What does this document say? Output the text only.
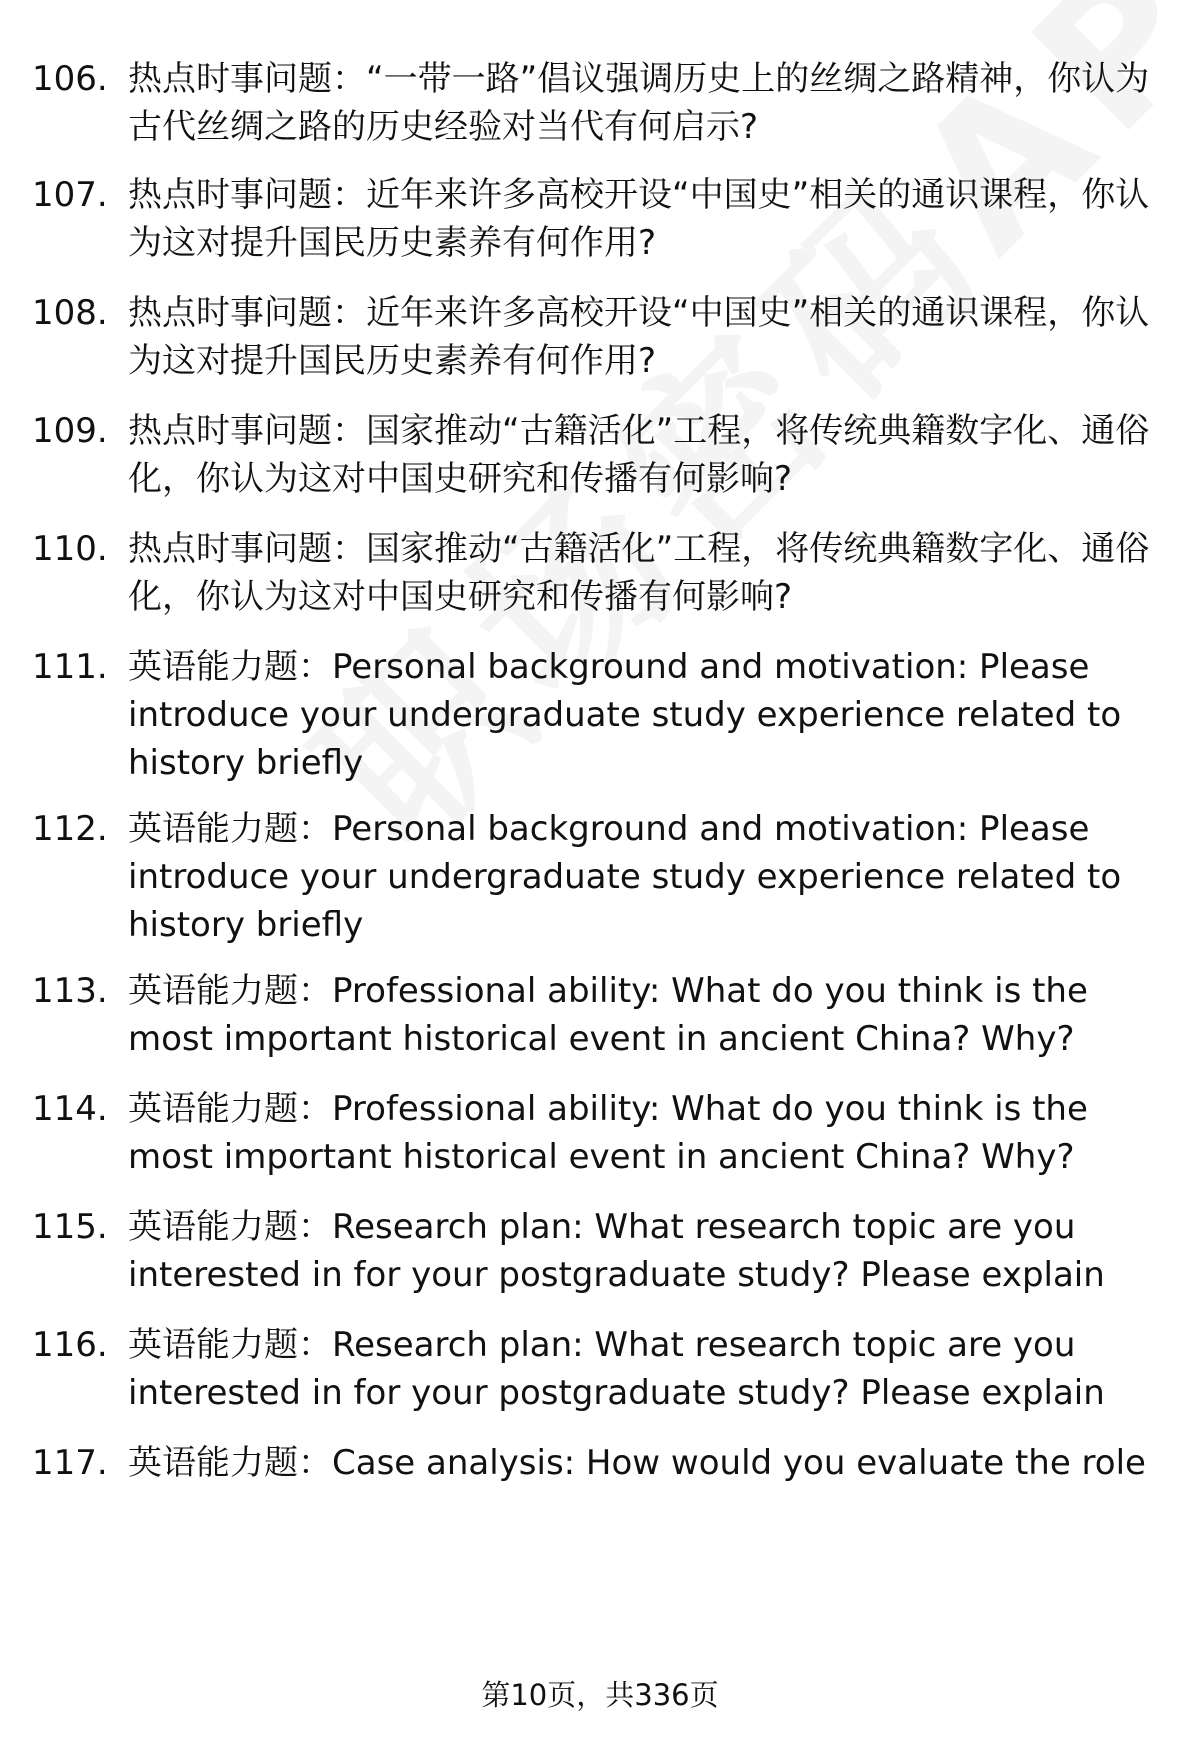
106. 热点时事问题：“一带一路”倡议强调历史上的丝绸之路精神，你认为古代丝绸之路的历史经验对当代有何启示?
107. 热点时事问题：近年来许多高校开设“中国史”相关的通识课程，你认为这对提升国民历史素养有何作用?
108. 热点时事问题：近年来许多高校开设“中国史”相关的通识课程，你认为这对提升国民历史素养有何作用?
109. 热点时事问题：国家推动“古籍活化”工程，将传统典籍数字化、通俗化，你认为这对中国史研究和传播有何影响?
110. 热点时事问题：国家推动“古籍活化”工程，将传统典籍数字化、通俗化，你认为这对中国史研究和传播有何影响?
111. 英语能力题：Personal background and motivation: Please introduce your undergraduate study experience related to history briefly
112. 英语能力题：Personal background and motivation: Please introduce your undergraduate study experience related to history briefly
113. 英语能力题：Professional ability: What do you think is the most important historical event in ancient China? Why?
114. 英语能力题：Professional ability: What do you think is the most important historical event in ancient China? Why?
115. 英语能力题：Research plan: What research topic are you interested in for your postgraduate study? Please explain
116. 英语能力题：Research plan: What research topic are you interested in for your postgraduate study? Please explain
117. 英语能力题：Case analysis: How would you evaluate the role
第10页，共336页
